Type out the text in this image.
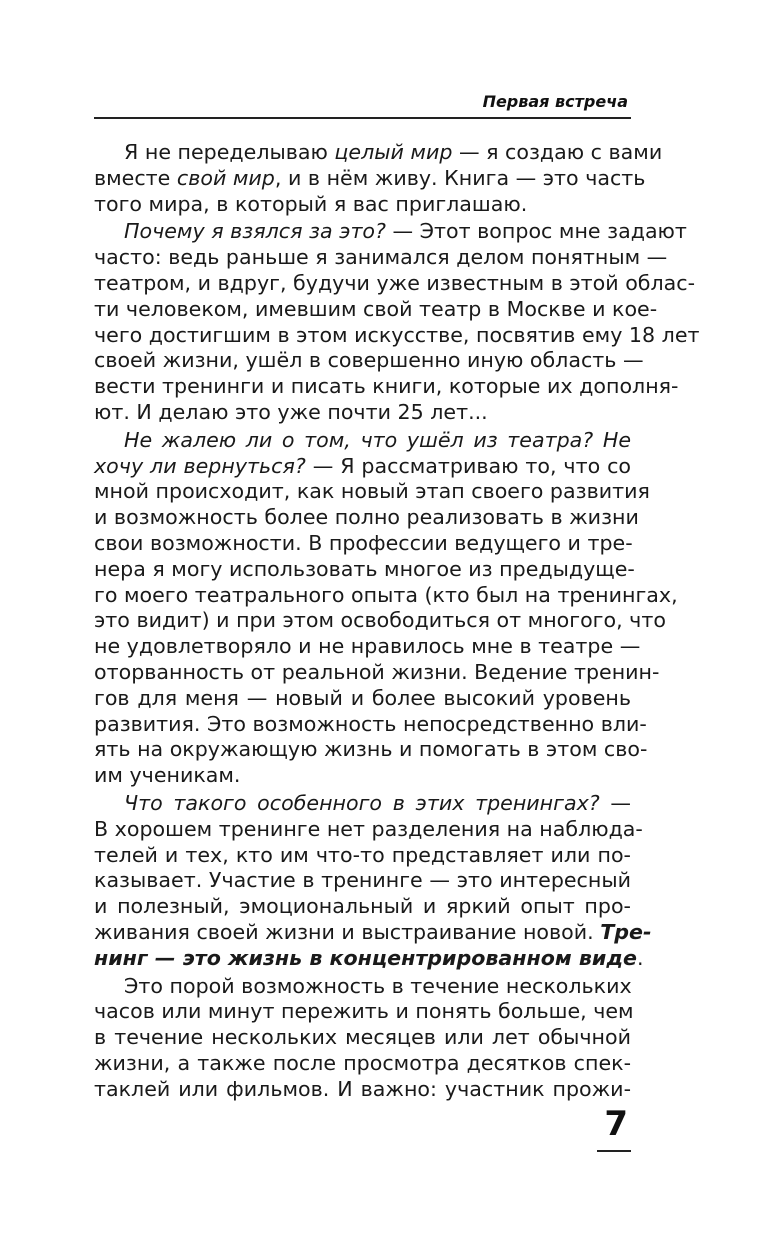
Первая встреча
Я не переделываю целый мир — я создаю с вами
вместе свой мир, и в нём живу. Книга — это часть
того мира, в который я вас приглашаю.
Почему я взялся за это? — Этот вопрос мне задают
часто: ведь раньше я занимался делом понятным —
театром, и вдруг, будучи уже известным в этой облас-
ти человеком, имевшим свой театр в Москве и кое-
чего достигшим в этом искусстве, посвятив ему 18 лет
своей жизни, ушёл в совершенно иную область —
вести тренинги и писать книги, которые их дополня-
ют. И делаю это уже почти 25 лет...
Не жалею ли о том, что ушёл из театра? Не
хочу ли вернуться? — Я рассматриваю то, что со
мной происходит, как новый этап своего развития
и возможность более полно реализовать в жизни
свои возможности. В профессии ведущего и тре-
нера я могу использовать многое из предыдуще-
го моего театрального опыта (кто был на тренингах,
это видит) и при этом освободиться от многого, что
не удовлетворяло и не нравилось мне в театре —
оторванность от реальной жизни. Ведение тренин-
гов для меня — новый и более высокий уровень
развития. Это возможность непосредственно вли-
ять на окружающую жизнь и помогать в этом сво-
им ученикам.
Что такого особенного в этих тренингах? —
В хорошем тренинге нет разделения на наблюда-
телей и тех, кто им что-то представляет или по-
казывает. Участие в тренинге — это интересный
и полезный, эмоциональный и яркий опыт про-
живания своей жизни и выстраивание новой. Тре-
нинг — это жизнь в концентрированном виде.
Это порой возможность в течение нескольких
часов или минут пережить и понять больше, чем
в течение нескольких месяцев или лет обычной
жизни, а также после просмотра десятков спек-
таклей или фильмов. И важно: участник прожи-
7
